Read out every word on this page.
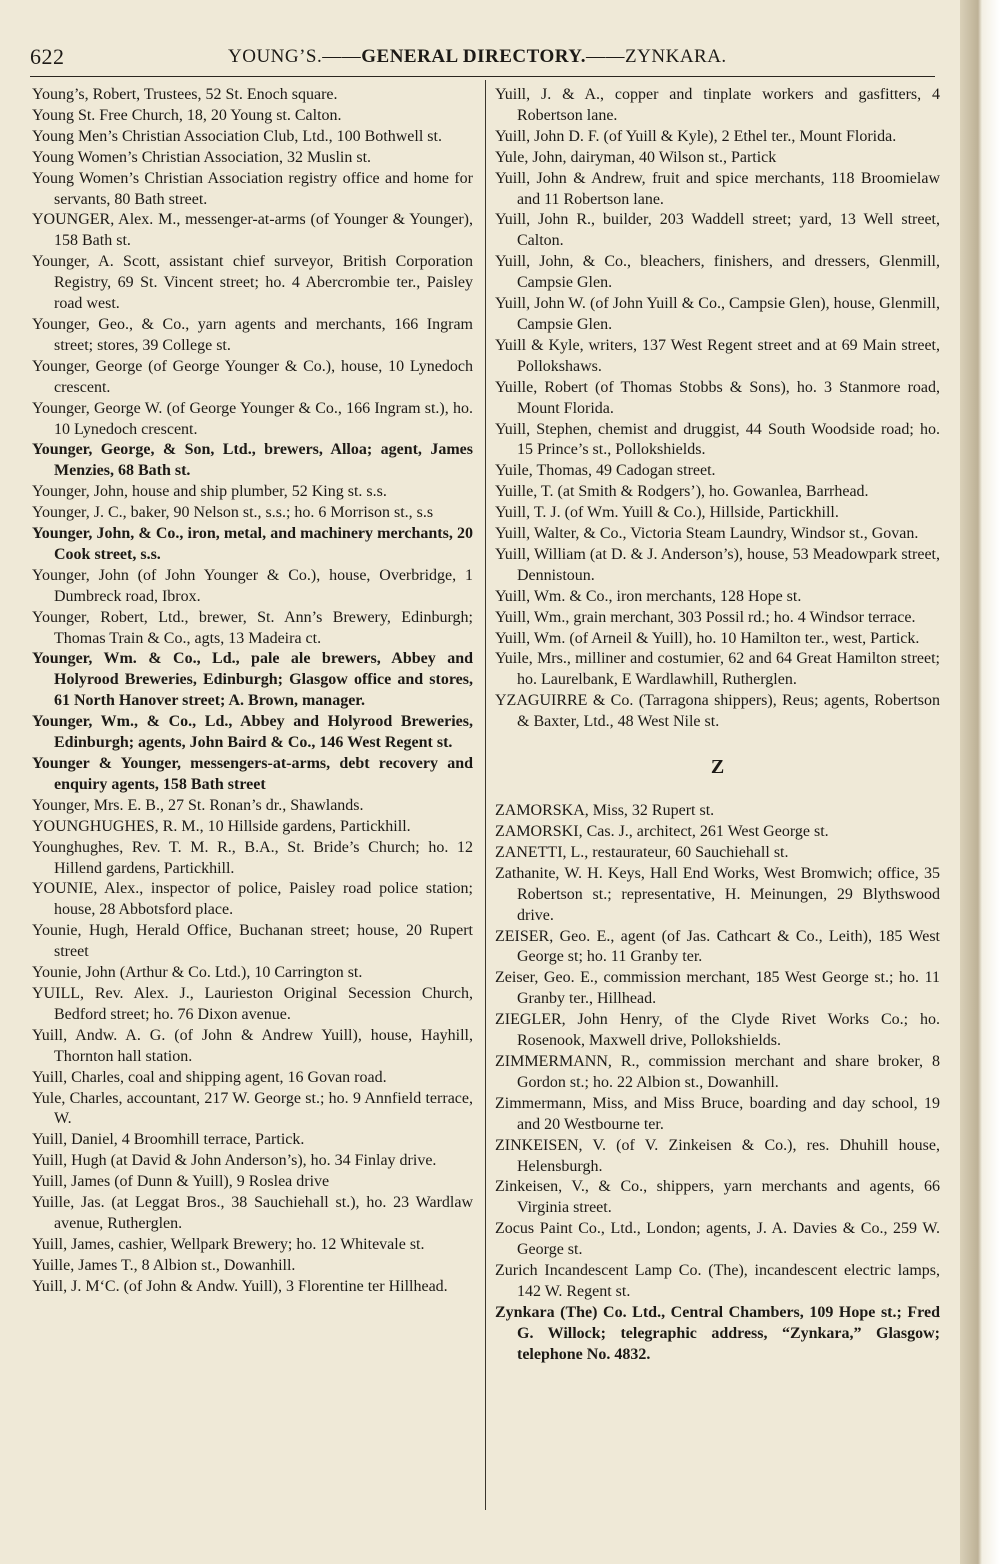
622	YOUNG’S.——GENERAL DIRECTORY.——ZYNKARA.

Young’s, Robert, Trustees, 52 St. Enoch square.

Young St. Free Church, 18, 20 Young st. Calton.

Young Men’s Christian Association Club, Ltd., 100 Bothwell st.

Young Women’s Christian Association, 32 Muslin st.

Young Women’s Christian Association registry office and home for servants, 80 Bath street.

YOUNGER, Alex. M., messenger-at-arms (of Younger & Younger), 158 Bath st.

Younger, A. Scott, assistant chief surveyor, British Corporation Registry, 69 St. Vincent street; ho. 4 Abercrombie ter., Paisley road west.

Younger, Geo., & Co., yarn agents and merchants, 166 Ingram street; stores, 39 College st.

Younger, George (of George Younger & Co.), house, 10 Lynedoch crescent.

Younger, George W. (of George Younger & Co., 166 Ingram st.), ho. 10 Lynedoch crescent.

Younger, George, & Son, Ltd., brewers, Alloa; agent, James Menzies, 68 Bath st.

Younger, John, house and ship plumber, 52 King st. s.s.

Younger, J. C., baker, 90 Nelson st., s.s.; ho. 6 Morrison st., s.s

Younger, John, & Co., iron, metal, and machinery merchants, 20 Cook street, s.s.

Younger, John (of John Younger & Co.), house, Overbridge, 1 Dumbreck road, Ibrox.

Younger, Robert, Ltd., brewer, St. Ann’s Brewery, Edinburgh; Thomas Train & Co., agts, 13 Madeira ct.

Younger, Wm. & Co., Ld., pale ale brewers, Abbey and Holyrood Breweries, Edinburgh; Glasgow office and stores, 61 North Hanover street; A. Brown, manager.

Younger, Wm., & Co., Ld., Abbey and Holyrood Breweries, Edinburgh; agents, John Baird & Co., 146 West Regent st.

Younger & Younger, messengers-at-arms, debt recovery and enquiry agents, 158 Bath street

Younger, Mrs. E. B., 27 St. Ronan’s dr., Shawlands.

YOUNGHUGHES, R. M., 10 Hillside gardens, Partickhill.

Younghughes, Rev. T. M. R., B.A., St. Bride’s Church; ho. 12 Hillend gardens, Partickhill.

YOUNIE, Alex., inspector of police, Paisley road police station; house, 28 Abbotsford place.

Younie, Hugh, Herald Office, Buchanan street; house, 20 Rupert street

Younie, John (Arthur & Co. Ltd.), 10 Carrington st.

YUILL, Rev. Alex. J., Laurieston Original Secession Church, Bedford street; ho. 76 Dixon avenue.

Yuill, Andw. A. G. (of John & Andrew Yuill), house, Hayhill, Thornton hall station.

Yuill, Charles, coal and shipping agent, 16 Govan road.

Yule, Charles, accountant, 217 W. George st.; ho. 9 Annfield terrace, W.

Yuill, Daniel, 4 Broomhill terrace, Partick.

Yuill, Hugh (at David & John Anderson’s), ho. 34 Finlay drive.

Yuill, James (of Dunn & Yuill), 9 Roslea drive

Yuille, Jas. (at Leggat Bros., 38 Sauchiehall st.), ho. 23 Wardlaw avenue, Rutherglen.

Yuill, James, cashier, Wellpark Brewery; ho. 12 Whitevale st.

Yuille, James T., 8 Albion st., Dowanhill.

Yuill, J. M‘C. (of John & Andw. Yuill), 3 Florentine ter Hillhead.

Yuill, J. & A., copper and tinplate workers and gasfitters, 4 Robertson lane.

Yuill, John D. F. (of Yuill & Kyle), 2 Ethel ter., Mount Florida.

Yule, John, dairyman, 40 Wilson st., Partick

Yuill, John & Andrew, fruit and spice merchants, 118 Broomielaw and 11 Robertson lane.

Yuill, John R., builder, 203 Waddell street; yard, 13 Well street, Calton.

Yuill, John, & Co., bleachers, finishers, and dressers, Glenmill, Campsie Glen.

Yuill, John W. (of John Yuill & Co., Campsie Glen), house, Glenmill, Campsie Glen.

Yuill & Kyle, writers, 137 West Regent street and at 69 Main street, Pollokshaws.

Yuille, Robert (of Thomas Stobbs & Sons), ho. 3 Stanmore road, Mount Florida.

Yuill, Stephen, chemist and druggist, 44 South Woodside road; ho. 15 Prince’s st., Pollokshields.

Yuile, Thomas, 49 Cadogan street.

Yuille, T. (at Smith & Rodgers’), ho. Gowanlea, Barrhead.

Yuill, T. J. (of Wm. Yuill & Co.), Hillside, Partickhill.

Yuill, Walter, & Co., Victoria Steam Laundry, Windsor st., Govan.

Yuill, William (at D. & J. Anderson’s), house, 53 Meadowpark street, Dennistoun.

Yuill, Wm. & Co., iron merchants, 128 Hope st.

Yuill, Wm., grain merchant, 303 Possil rd.; ho. 4 Windsor terrace.

Yuill, Wm. (of Arneil & Yuill), ho. 10 Hamilton ter., west, Partick.

Yuile, Mrs., milliner and costumier, 62 and 64 Great Hamilton street; ho. Laurelbank, E Wardlawhill, Rutherglen.

YZAGUIRRE & Co. (Tarragona shippers), Reus; agents, Robertson & Baxter, Ltd., 48 West Nile st.

Z

ZAMORSKA, Miss, 32 Rupert st.

ZAMORSKI, Cas. J., architect, 261 West George st.

ZANETTI, L., restaurateur, 60 Sauchiehall st.

Zathanite, W. H. Keys, Hall End Works, West Bromwich; office, 35 Robertson st.; representative, H. Meinungen, 29 Blythswood drive.

ZEISER, Geo. E., agent (of Jas. Cathcart & Co., Leith), 185 West George st; ho. 11 Granby ter.

Zeiser, Geo. E., commission merchant, 185 West George st.; ho. 11 Granby ter., Hillhead.

ZIEGLER, John Henry, of the Clyde Rivet Works Co.; ho. Rosenook, Maxwell drive, Pollokshields.

ZIMMERMANN, R., commission merchant and share broker, 8 Gordon st.; ho. 22 Albion st., Dowanhill.

Zimmermann, Miss, and Miss Bruce, boarding and day school, 19 and 20 Westbourne ter.

ZINKEISEN, V. (of V. Zinkeisen & Co.), res. Dhuhill house, Helensburgh.

Zinkeisen, V., & Co., shippers, yarn merchants and agents, 66 Virginia street.

Zocus Paint Co., Ltd., London; agents, J. A. Davies & Co., 259 W. George st.

Zurich Incandescent Lamp Co. (The), incandescent electric lamps, 142 W. Regent st.

Zynkara (The) Co. Ltd., Central Chambers, 109 Hope st.; Fred G. Willock; telegraphic address, “Zynkara,” Glasgow; telephone No. 4832.
